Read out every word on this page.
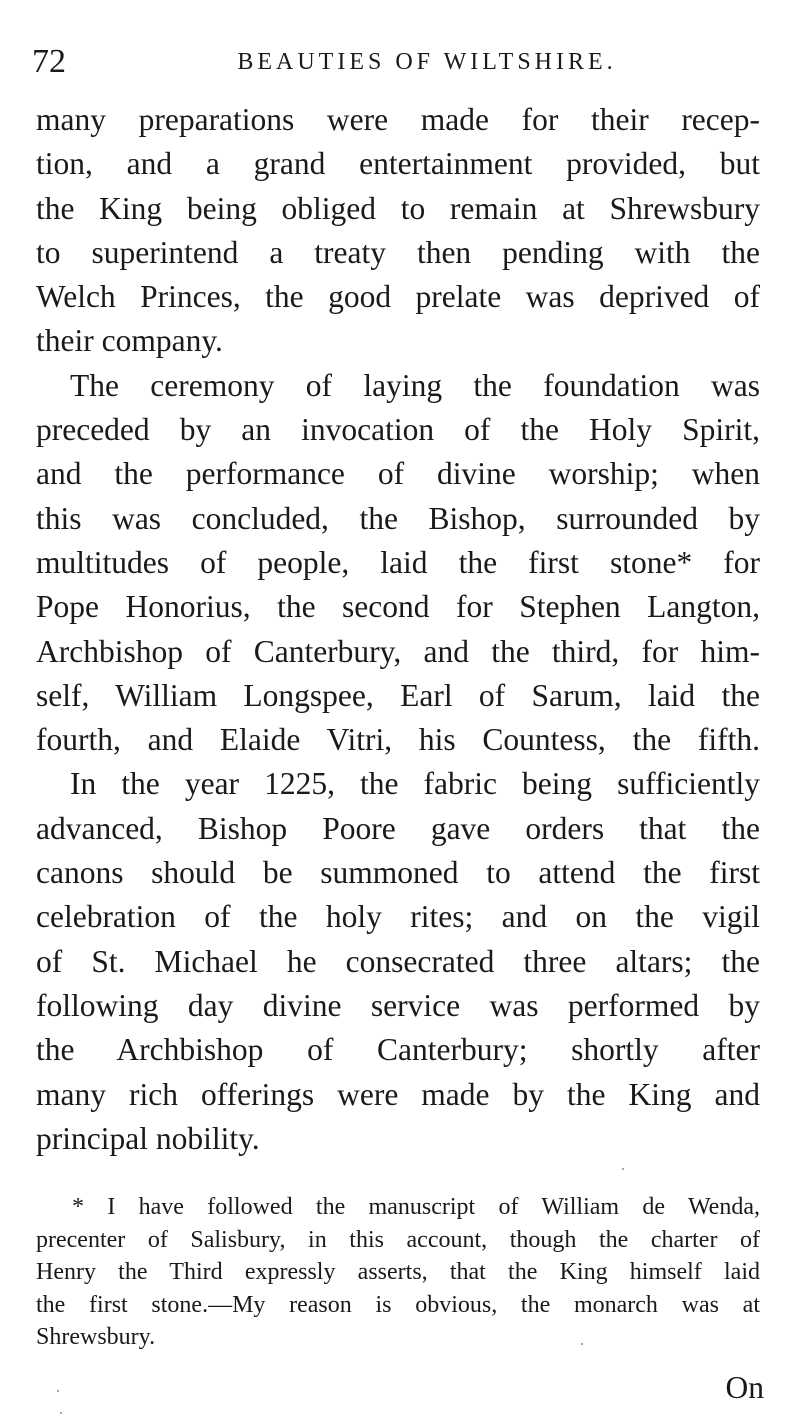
72	BEAUTIES OF WILTSHIRE.
many preparations were made for their recep-
tion, and a grand entertainment provided, but
the King being obliged to remain at Shrewsbury
to superintend a treaty then pending with the
Welch Princes, the good prelate was deprived of
their company.
The ceremony of laying the foundation was
preceded by an invocation of the Holy Spirit,
and the performance of divine worship; when
this was concluded, the Bishop, surrounded by
multitudes of people, laid the first stone* for
Pope Honorius, the second for Stephen Langton,
Archbishop of Canterbury, and the third, for him-
self, William Longspee, Earl of Sarum, laid the
fourth, and Elaide Vitri, his Countess, the fifth.
In the year 1225, the fabric being sufficiently
advanced, Bishop Poore gave orders that the
canons should be summoned to attend the first
celebration of the holy rites; and on the vigil
of St. Michael he consecrated three altars; the
following day divine service was performed by
the Archbishop of Canterbury; shortly after
many rich offerings were made by the King and
principal nobility.
* I have followed the manuscript of William de Wenda,
precenter of Salisbury, in this account, though the charter of
Henry the Third expressly asserts, that the King himself laid
the first stone.—My reason is obvious, the monarch was at
Shrewsbury.
On
